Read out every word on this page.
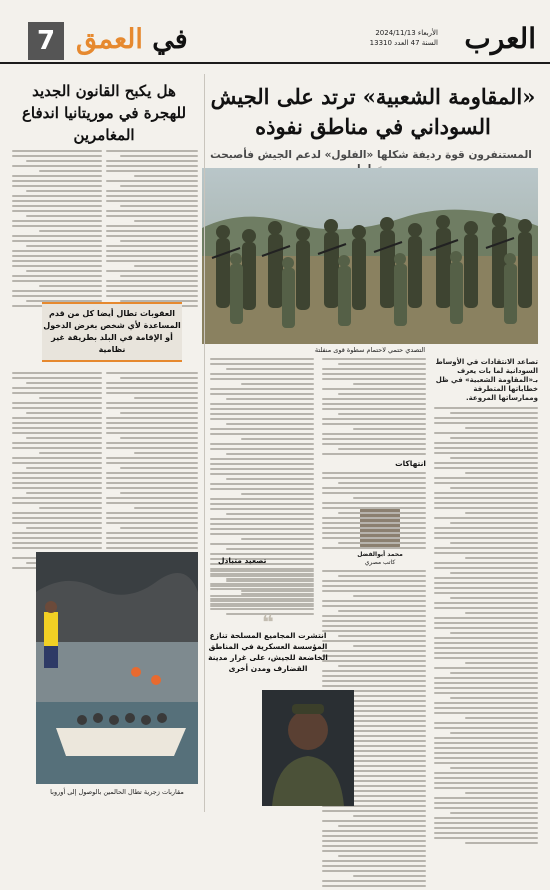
العرب
الأربعاء 2024/11/13
السنة 47 العدد 13310
في العمق
7
«المقاومة الشعبية» ترتد على الجيش السوداني في مناطق نفوذه
المستنفرون قوة رديفة شكلها «الفلول» لدعم الجيش فأصبحت
التصدي حتمي لاحتمام سطوة قوى منفلتة
تصاعد الانتقادات في الأوساط السودانية لما بات يعرف بـ«المقاومة الشعبية» في ظل خطاباتها المتطرفة وممارساتها المروعة.
محمد أبوالفضل
كاتب مصري
انتهاكات
تصعيد متبادل
❝
انتشرت المجاميع المسلحة تنازع المؤسسة العسكرية في المناطق الخاضعة للجيش، على غرار مدينة القضارف ومدن أخرى
هل يكبح القانون الجديد للهجرة في موريتانيا اندفاع المغامرين
العقوبات تطال أيضا كل من قدم المساعدة لأي شخص بغرض الدخول أو الإقامة في البلد بطريقة غير نظامية
مقاربات زجرية تطال الحالمين بالوصول إلى أوروبا
